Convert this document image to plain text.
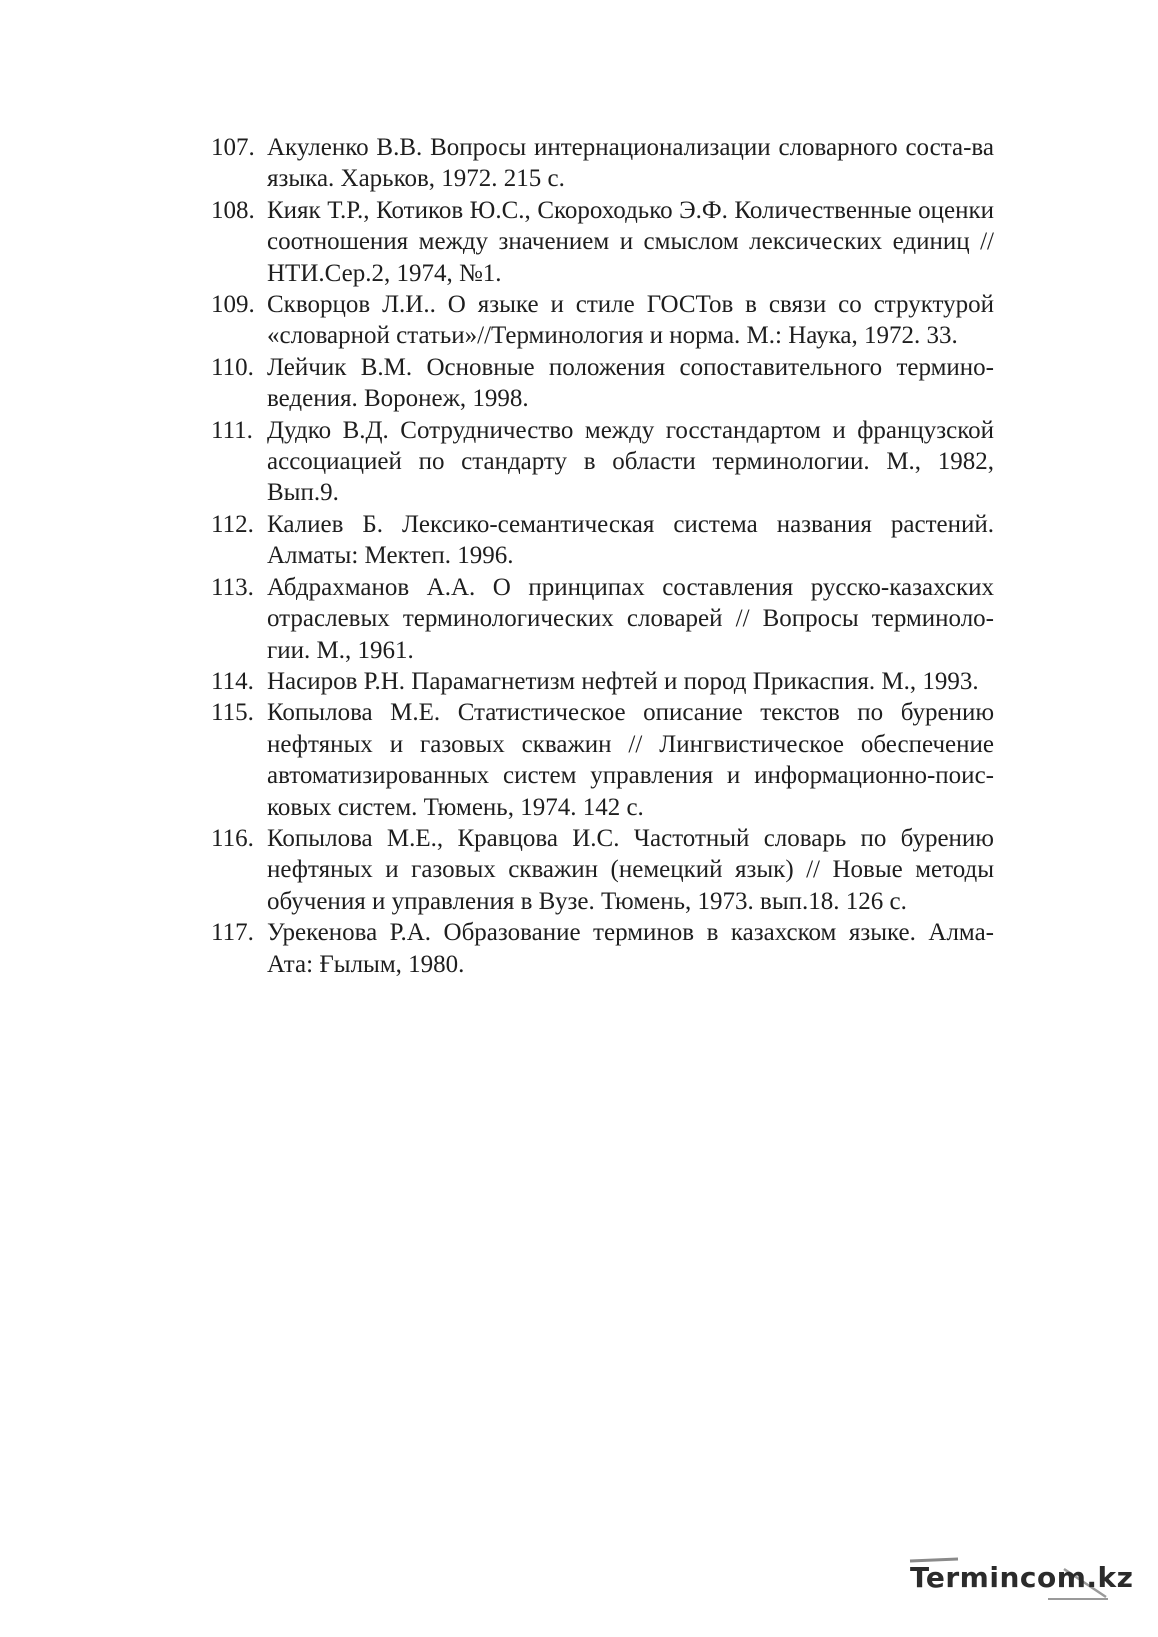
107. Акуленко В.В. Вопросы интернационализации словарного соста-ва языка. Харьков, 1972. 215 с.
108. Кияк Т.Р., Котиков Ю.С., Скороходько Э.Ф. Количественные оценки соотношения между значением и смыслом лексических единиц //НТИ.Сер.2, 1974, №1.
109. Скворцов Л.И.. О языке и стиле ГОСТов в связи со структурой «словарной статьи»//Терминология и норма. М.: Наука, 1972. 33.
110. Лейчик В.М. Основные положения сопоставительного термино-ведения. Воронеж, 1998.
111. Дудко В.Д. Сотрудничество между госстандартом и французской ассоциацией по стандарту в области терминологии. М., 1982, Вып.9.
112. Калиев Б. Лексико-семантическая система названия растений. Алматы: Мектеп. 1996.
113. Абдрахманов А.А. О принципах составления русско-казахских отраслевых терминологических словарей // Вопросы терминоло-гии. М., 1961.
114. Насиров Р.Н. Парамагнетизм нефтей и пород Прикаспия. М., 1993.
115. Копылова М.Е. Статистическое описание текстов по бурению нефтяных и газовых скважин // Лингвистическое обеспечение автоматизированных систем управления и информационно-поис-ковых систем. Тюмень, 1974. 142 с.
116. Копылова М.Е., Кравцова И.С. Частотный словарь по бурению нефтяных и газовых скважин (немецкий язык) // Новые методы обучения и управления в Вузе. Тюмень, 1973. вып.18. 126 с.
117. Урекенова Р.А. Образование терминов в казахском языке. Алма-Ата: Ғылым, 1980.
Termincom.kz
